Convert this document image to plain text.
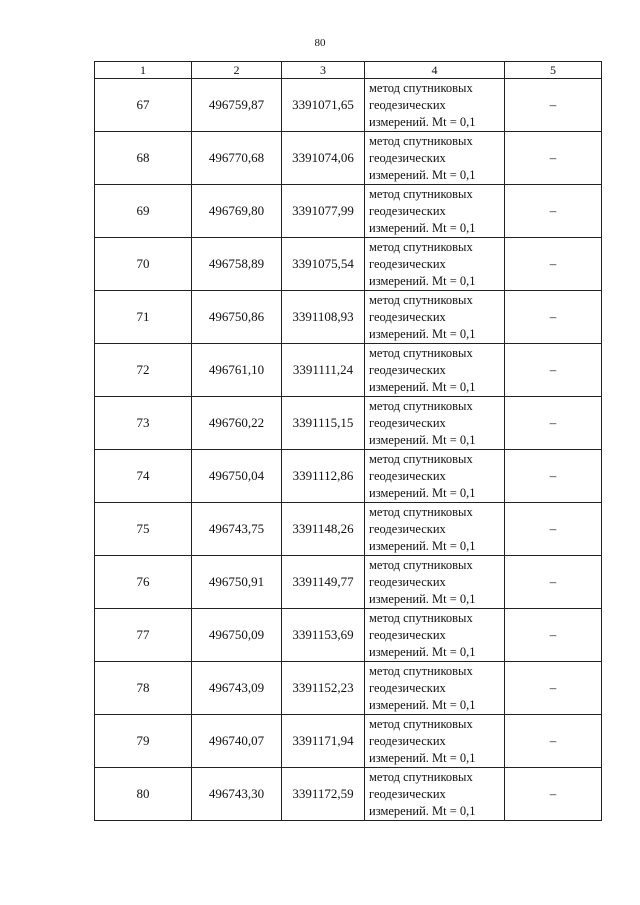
80
1	2	3	4	5
67	496759,87	3391071,65	метод спутниковых
геодезических
измерений. Mt = 0,1	–
68	496770,68	3391074,06	метод спутниковых
геодезических
измерений. Mt = 0,1	–
69	496769,80	3391077,99	метод спутниковых
геодезических
измерений. Mt = 0,1	–
70	496758,89	3391075,54	метод спутниковых
геодезических
измерений. Mt = 0,1	–
71	496750,86	3391108,93	метод спутниковых
геодезических
измерений. Mt = 0,1	–
72	496761,10	3391111,24	метод спутниковых
геодезических
измерений. Mt = 0,1	–
73	496760,22	3391115,15	метод спутниковых
геодезических
измерений. Mt = 0,1	–
74	496750,04	3391112,86	метод спутниковых
геодезических
измерений. Mt = 0,1	–
75	496743,75	3391148,26	метод спутниковых
геодезических
измерений. Mt = 0,1	–
76	496750,91	3391149,77	метод спутниковых
геодезических
измерений. Mt = 0,1	–
77	496750,09	3391153,69	метод спутниковых
геодезических
измерений. Mt = 0,1	–
78	496743,09	3391152,23	метод спутниковых
геодезических
измерений. Mt = 0,1	–
79	496740,07	3391171,94	метод спутниковых
геодезических
измерений. Mt = 0,1	–
80	496743,30	3391172,59	метод спутниковых
геодезических
измерений. Mt = 0,1	–
